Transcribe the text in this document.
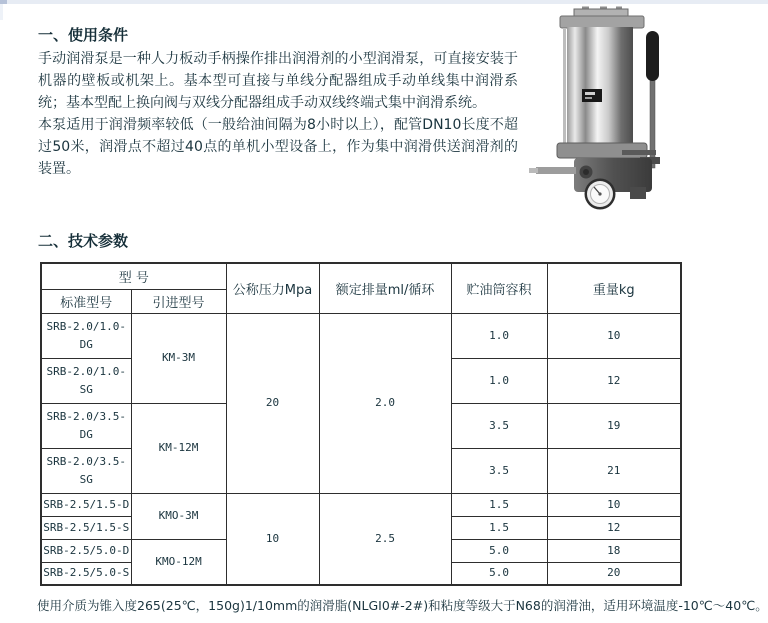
一、使用条件

手动润滑泵是一种人力板动手柄操作排出润滑剂的小型润滑泵，可直接安装于机器的壁板或机架上。基本型可直接与单线分配器组成手动单线集中润滑系统；基本型配上换向阀与双线分配器组成手动双线终端式集中润滑系统。

本泵适用于润滑频率较低（一般给油间隔为8小时以上），配管DN10长度不超过50米，润滑点不超过40点的单机小型设备上，作为集中润滑供送润滑剂的装置。

二、技术参数
型 号		公称压力Mpa	额定排量ml/循环	贮油筒容积	重量kg
标准型号	引进型号				
SRB-2.0/1.0-DG	KM-3M	20	2.0	1.0	10
SRB-2.0/1.0-SG				1.0	12
SRB-2.0/3.5-DG	KM-12M			3.5	19
SRB-2.0/3.5-SG				3.5	21
SRB-2.5/1.5-D	KMO-3M	10	2.5	1.5	10
SRB-2.5/1.5-S				1.5	12
SRB-2.5/5.0-D	KMO-12M			5.0	18
SRB-2.5/5.0-S				5.0	20

使用介质为锥入度265(25℃，150g)1/10mm的润滑脂(NLGI0#-2#)和粘度等级大于N68的润滑油，适用环境温度-10℃～40℃。
